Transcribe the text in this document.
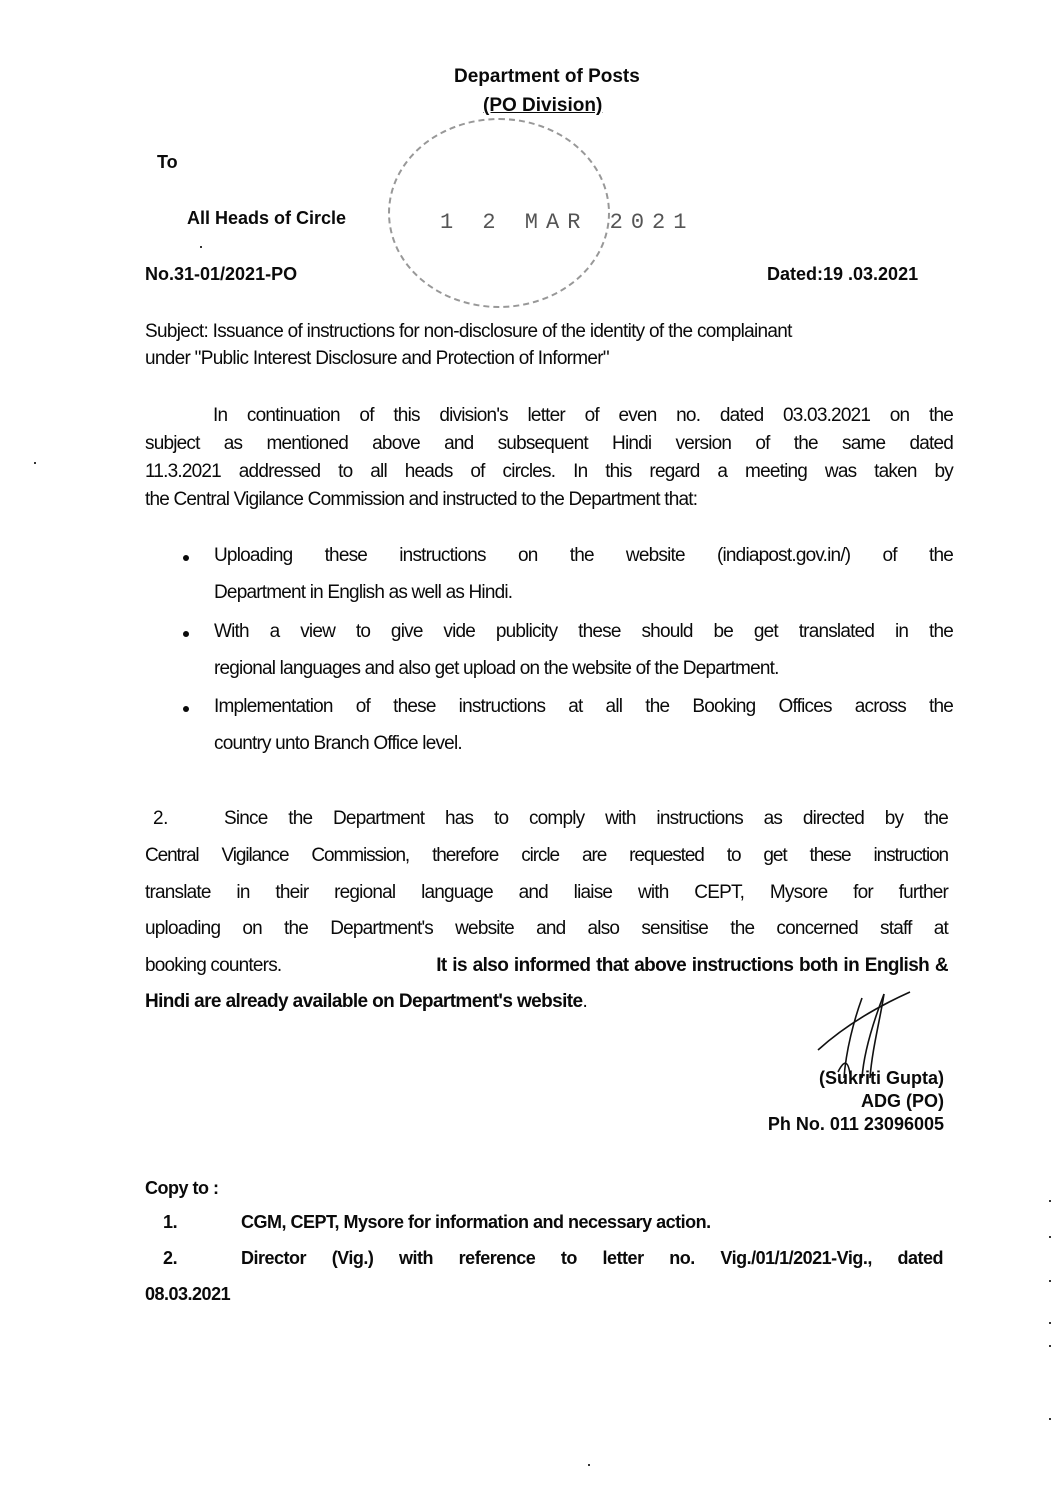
Department of Posts
(PO Division)
1 2 MAR 2021
To
All Heads of Circle
No.31-01/2021-PO	Dated:19 .03.2021
Subject: Issuance of instructions for non-disclosure of the identity of the complainant
under "Public Interest Disclosure and Protection of Informer"
In continuation of this division's letter of even no. dated 03.03.2021 on the
subject as mentioned above and subsequent Hindi version of the same dated
11.3.2021 addressed to all heads of circles. In this regard a meeting was taken by
the Central Vigilance Commission and instructed to the Department that:
Uploading these instructions on the website (indiapost.gov.in/) of the
Department in English as well as Hindi.
With a view to give vide publicity these should be get translated in the
regional languages and also get upload on the website of the Department.
Implementation of these instructions at all the Booking Offices across the
country unto Branch Office level.
2.	Since the Department has to comply with instructions as directed by the
Central Vigilance Commission, therefore circle are requested to get these instruction
translate in their regional language and liaise with CEPT, Mysore for further
uploading on the Department's website and also sensitise the concerned staff at
booking counters.	It is also informed that above instructions both in English &
Hindi are already available on Department's website.
(Sukriti Gupta)
ADG (PO)
Ph No. 011 23096005
Copy to :
1.	CGM, CEPT, Mysore for information and necessary action.
2.	Director (Vig.) with reference to letter no. Vig./01/1/2021-Vig., dated
08.03.2021
